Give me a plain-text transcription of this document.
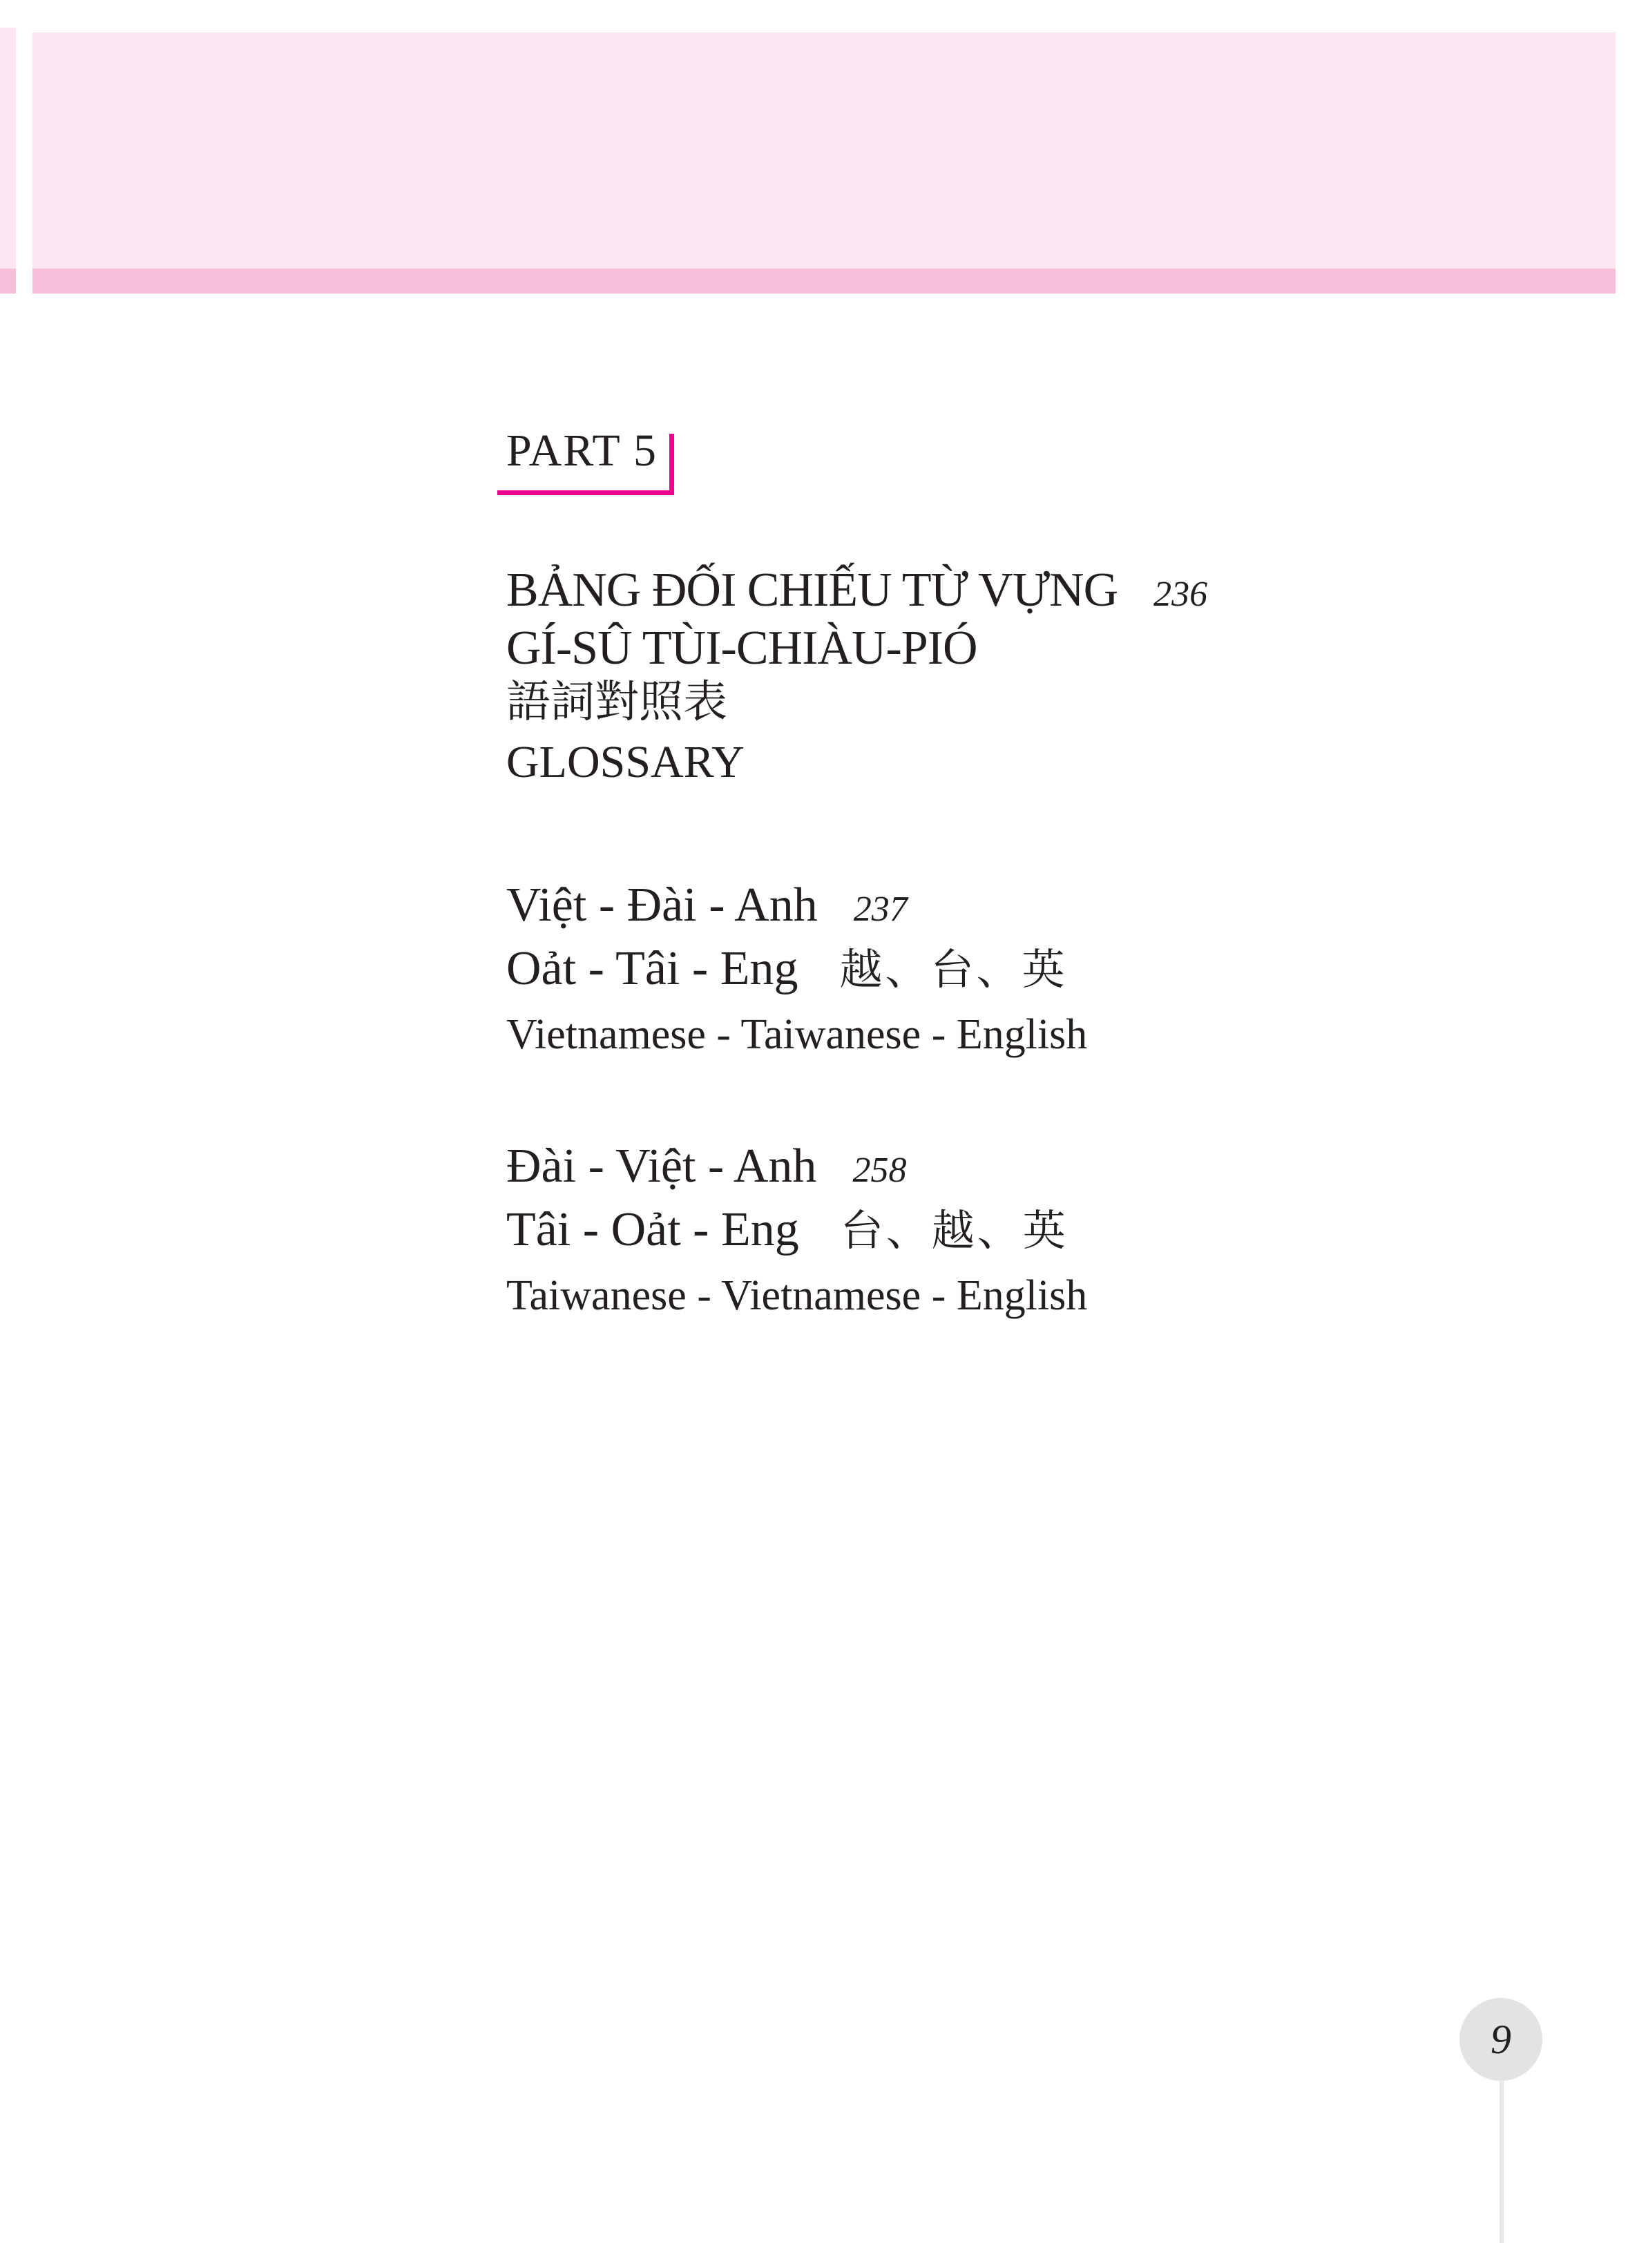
PART 5

BẢNG ĐỐI CHIẾU TỪ VỰNG 236

GÍ-SÛ TÙI-CHIÀU-PIÓ

語詞對照表

GLOSSARY

Việt - Đài - Anh 237

Oảt - Tâi - Eng 越、台、英

Vietnamese - Taiwanese - English

Đài - Việt - Anh 258

Tâi - Oảt - Eng 台、越、英

Taiwanese - Vietnamese - English

9
